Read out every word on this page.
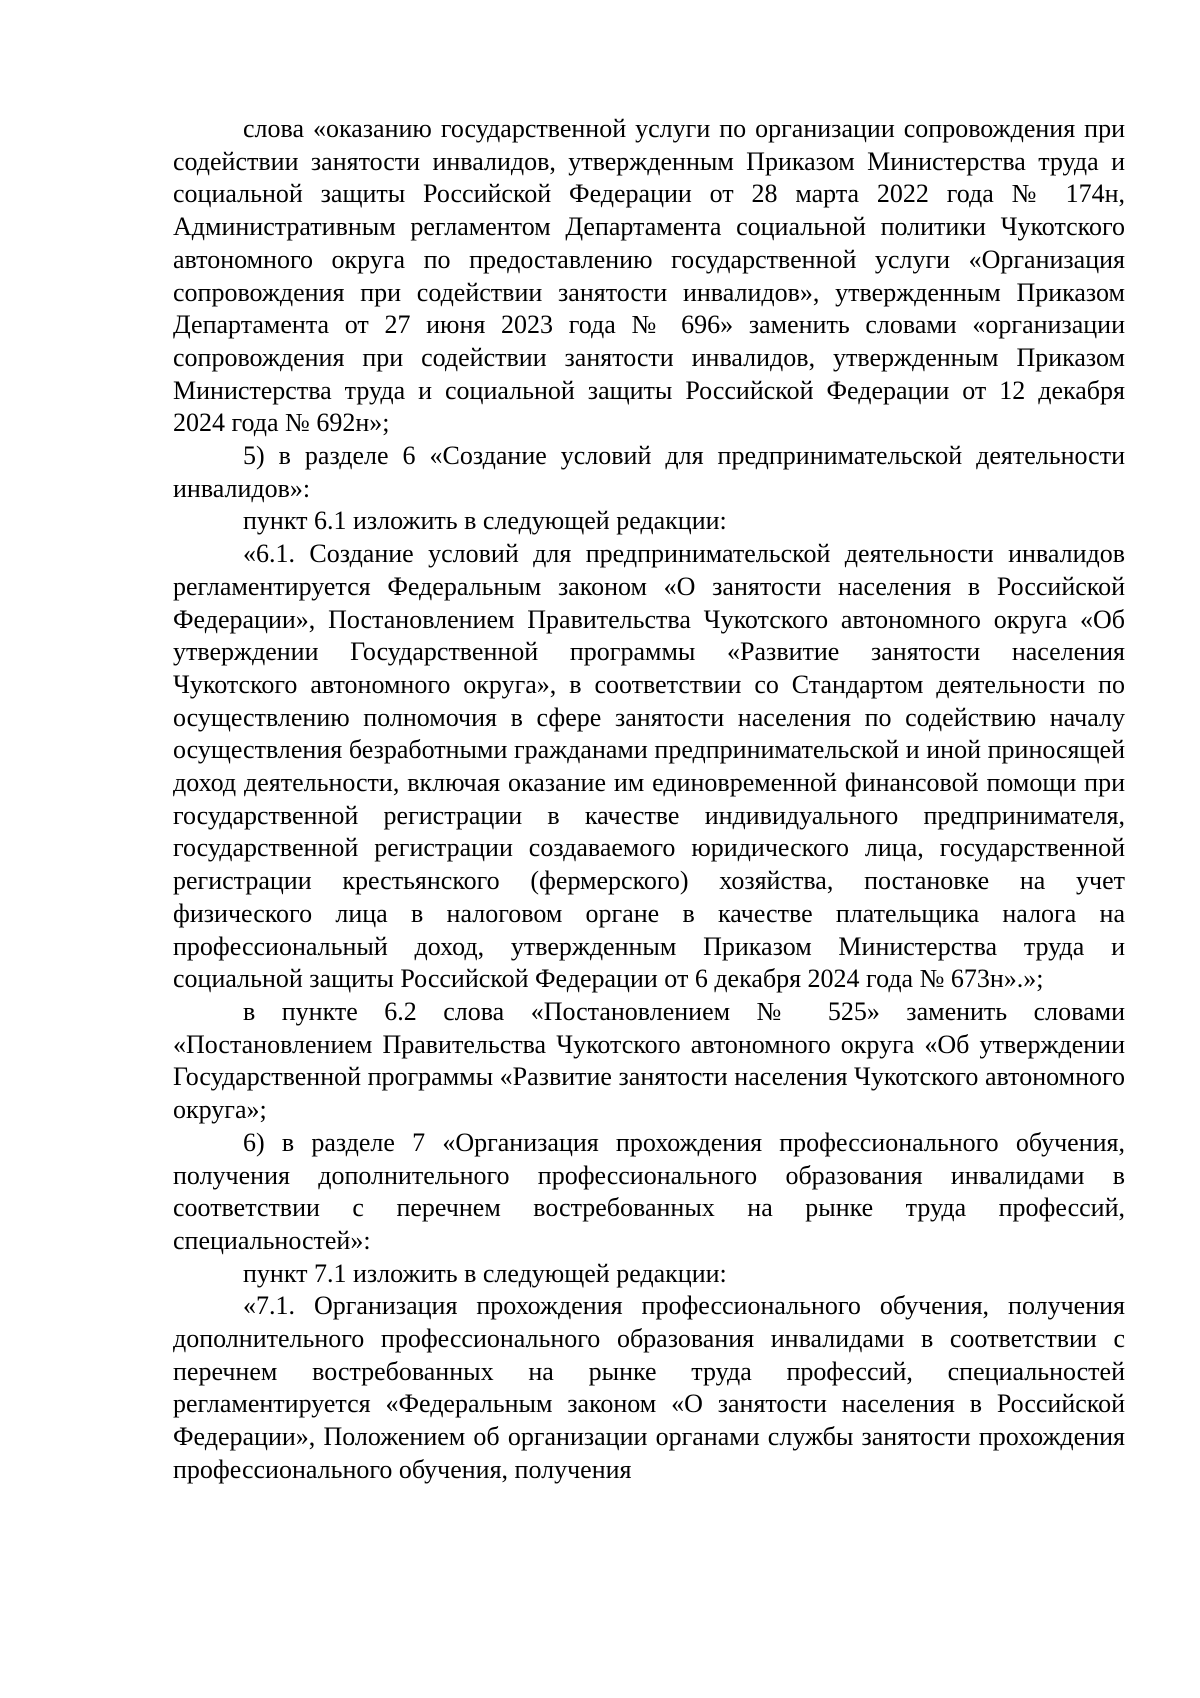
слова «оказанию государственной услуги по организации сопровождения при содействии занятости инвалидов, утвержденным Приказом Министерства труда и социальной защиты Российской Федерации от 28 марта 2022 года № 174н, Административным регламентом Департамента социальной политики Чукотского автономного округа по предоставлению государственной услуги «Организация сопровождения при содействии занятости инвалидов», утвержденным Приказом Департамента от 27 июня 2023 года № 696» заменить словами «организации сопровождения при содействии занятости инвалидов, утвержденным Приказом Министерства труда и социальной защиты Российской Федерации от 12 декабря 2024 года № 692н»;

5) в разделе 6 «Создание условий для предпринимательской деятельности инвалидов»:

пункт 6.1 изложить в следующей редакции:

«6.1. Создание условий для предпринимательской деятельности инвалидов регламентируется Федеральным законом «О занятости населения в Российской Федерации», Постановлением Правительства Чукотского автономного округа «Об утверждении Государственной программы «Развитие занятости населения Чукотского автономного округа», в соответствии со Стандартом деятельности по осуществлению полномочия в сфере занятости населения по содействию началу осуществления безработными гражданами предпринимательской и иной приносящей доход деятельности, включая оказание им единовременной финансовой помощи при государственной регистрации в качестве индивидуального предпринимателя, государственной регистрации создаваемого юридического лица, государственной регистрации крестьянского (фермерского) хозяйства, постановке на учет физического лица в налоговом органе в качестве плательщика налога на профессиональный доход, утвержденным Приказом Министерства труда и социальной защиты Российской Федерации от 6 декабря 2024 года № 673н».»;

в пункте 6.2 слова «Постановлением № 525» заменить словами «Постановлением Правительства Чукотского автономного округа «Об утверждении Государственной программы «Развитие занятости населения Чукотского автономного округа»;

6) в разделе 7 «Организация прохождения профессионального обучения, получения дополнительного профессионального образования инвалидами в соответствии с перечнем востребованных на рынке труда профессий, специальностей»:

пункт 7.1 изложить в следующей редакции:

«7.1. Организация прохождения профессионального обучения, получения дополнительного профессионального образования инвалидами в соответствии с перечнем востребованных на рынке труда профессий, специальностей регламентируется «Федеральным законом «О занятости населения в Российской Федерации», Положением об организации органами службы занятости прохождения профессионального обучения, получения
